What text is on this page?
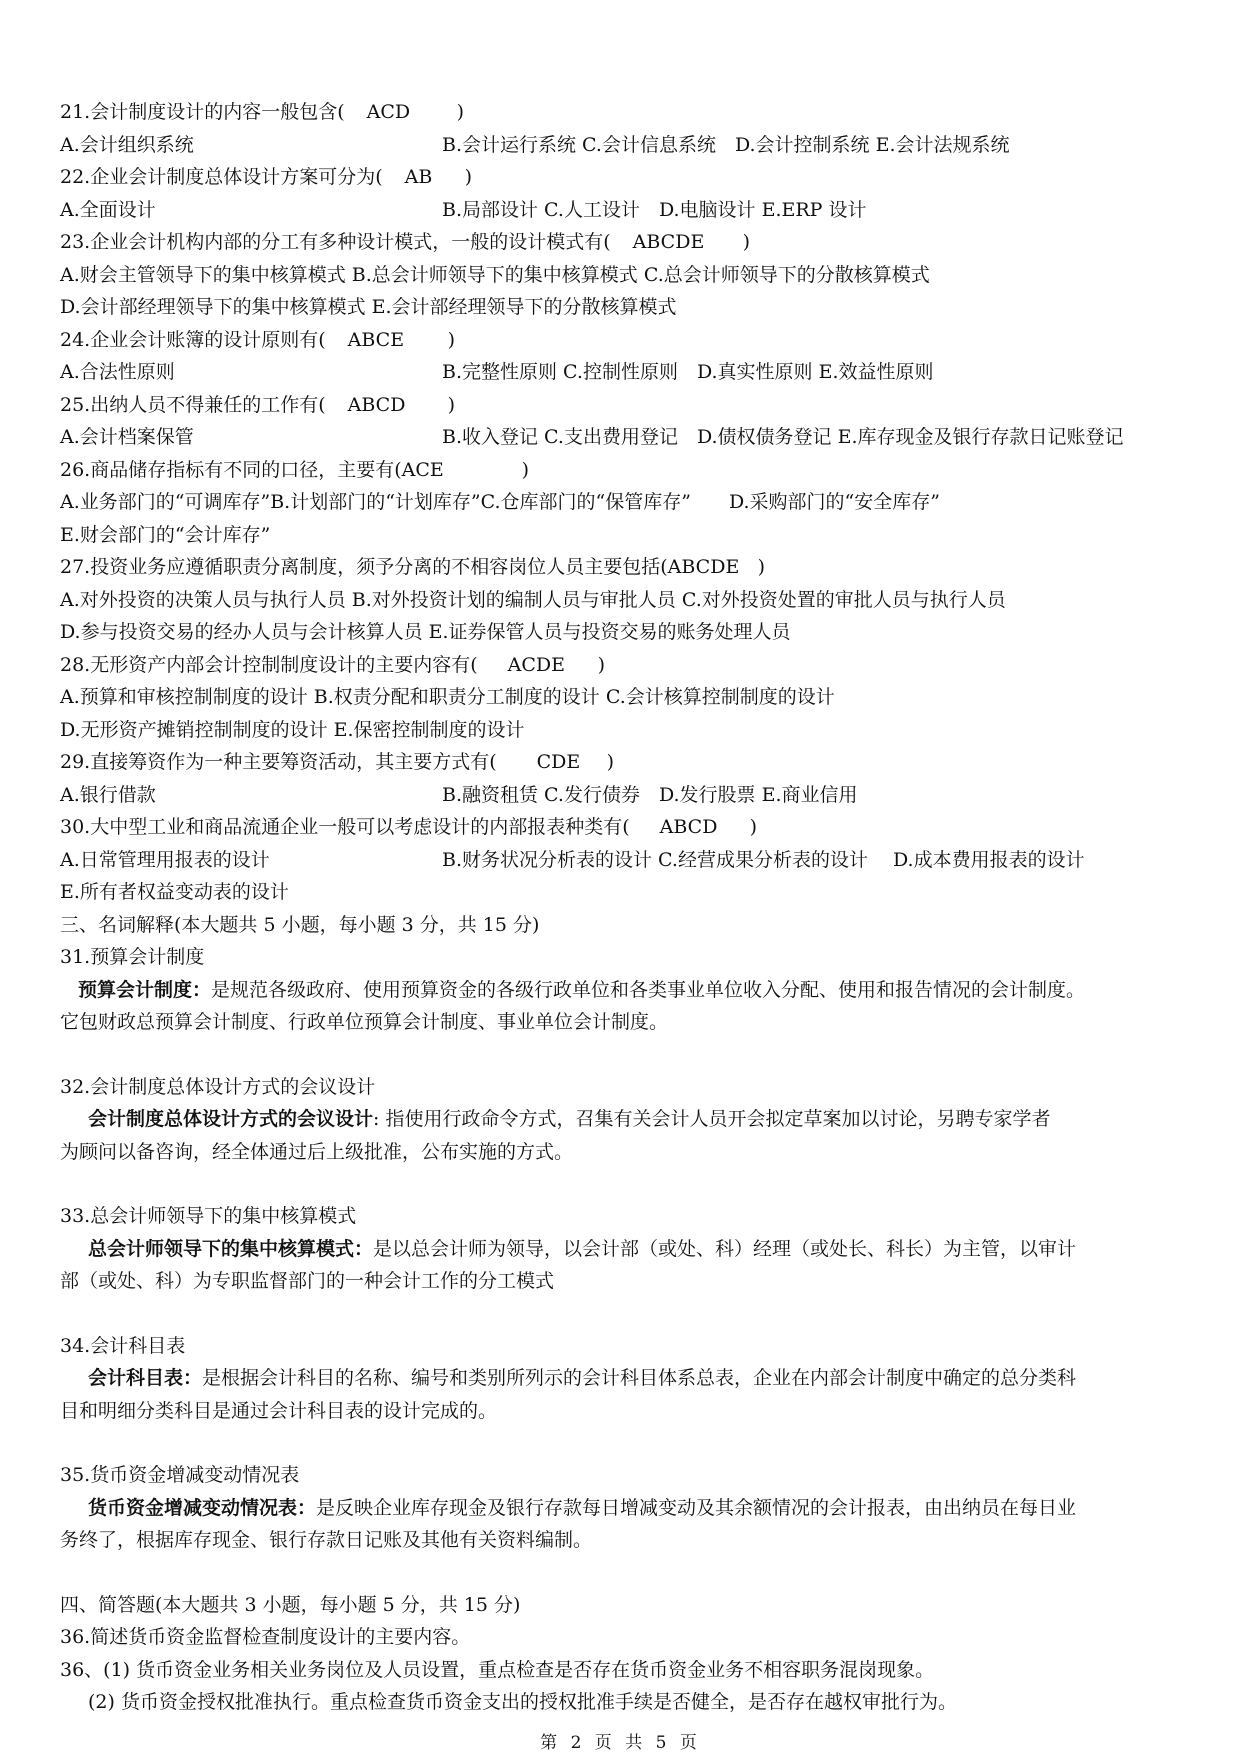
21.会计制度设计的内容一般包含( ACD )
A.会计组织系统	B.会计运行系统 C.会计信息系统　D.会计控制系统 E.会计法规系统
22.企业会计制度总体设计方案可分为( AB )
A.全面设计	B.局部设计 C.人工设计　D.电脑设计 E.ERP 设计
23.企业会计机构内部的分工有多种设计模式，一般的设计模式有( ABCDE )
A.财会主管领导下的集中核算模式 B.总会计师领导下的集中核算模式 C.总会计师领导下的分散核算模式
D.会计部经理领导下的集中核算模式 E.会计部经理领导下的分散核算模式
24.企业会计账簿的设计原则有( ABCE )
A.合法性原则	B.完整性原则 C.控制性原则　D.真实性原则 E.效益性原则
25.出纳人员不得兼任的工作有( ABCD )
A.会计档案保管	B.收入登记 C.支出费用登记　D.债权债务登记 E.库存现金及银行存款日记账登记
26.商品储存指标有不同的口径，主要有(ACE	)
A.业务部门的“可调库存”B.计划部门的“计划库存”C.仓库部门的“保管库存”　　D.采购部门的“安全库存”
E.财会部门的“会计库存”
27.投资业务应遵循职责分离制度，须予分离的不相容岗位人员主要包括(ABCDE )
A.对外投资的决策人员与执行人员 B.对外投资计划的编制人员与审批人员 C.对外投资处置的审批人员与执行人员
D.参与投资交易的经办人员与会计核算人员 E.证券保管人员与投资交易的账务处理人员
28.无形资产内部会计控制制度设计的主要内容有( ACDE )
A.预算和审核控制制度的设计 B.权责分配和职责分工制度的设计 C.会计核算控制制度的设计
D.无形资产摊销控制制度的设计 E.保密控制制度的设计
29.直接筹资作为一种主要筹资活动，其主要方式有( CDE )
A.银行借款	B.融资租赁 C.发行债券　D.发行股票 E.商业信用
30.大中型工业和商品流通企业一般可以考虑设计的内部报表种类有( ABCD )
A.日常管理用报表的设计	B.财务状况分析表的设计 C.经营成果分析表的设计　 D.成本费用报表的设计
E.所有者权益变动表的设计
三、名词解释(本大题共 5 小题，每小题 3 分，共 15 分)
31.预算会计制度
预算会计制度：是规范各级政府、使用预算资金的各级行政单位和各类事业单位收入分配、使用和报告情况的会计制度。
它包财政总预算会计制度、行政单位预算会计制度、事业单位会计制度。
32.会计制度总体设计方式的会议设计
会计制度总体设计方式的会议设计: 指使用行政命令方式，召集有关会计人员开会拟定草案加以讨论，另聘专家学者
为顾问以备咨询，经全体通过后上级批准，公布实施的方式。
33.总会计师领导下的集中核算模式
总会计师领导下的集中核算模式：是以总会计师为领导，以会计部（或处、科）经理（或处长、科长）为主管，以审计
部（或处、科）为专职监督部门的一种会计工作的分工模式
34.会计科目表
会计科目表：是根据会计科目的名称、编号和类别所列示的会计科目体系总表，企业在内部会计制度中确定的总分类科
目和明细分类科目是通过会计科目表的设计完成的。
35.货币资金增减变动情况表
货币资金增减变动情况表：是反映企业库存现金及银行存款每日增减变动及其余额情况的会计报表，由出纳员在每日业
务终了，根据库存现金、银行存款日记账及其他有关资料编制。
四、简答题(本大题共 3 小题，每小题 5 分，共 15 分)
36.简述货币资金监督检查制度设计的主要内容。
36、(1) 货币资金业务相关业务岗位及人员设置，重点检查是否存在货币资金业务不相容职务混岗现象。
(2) 货币资金授权批准执行。重点检查货币资金支出的授权批准手续是否健全，是否存在越权审批行为。
第 2 页 共 5 页
